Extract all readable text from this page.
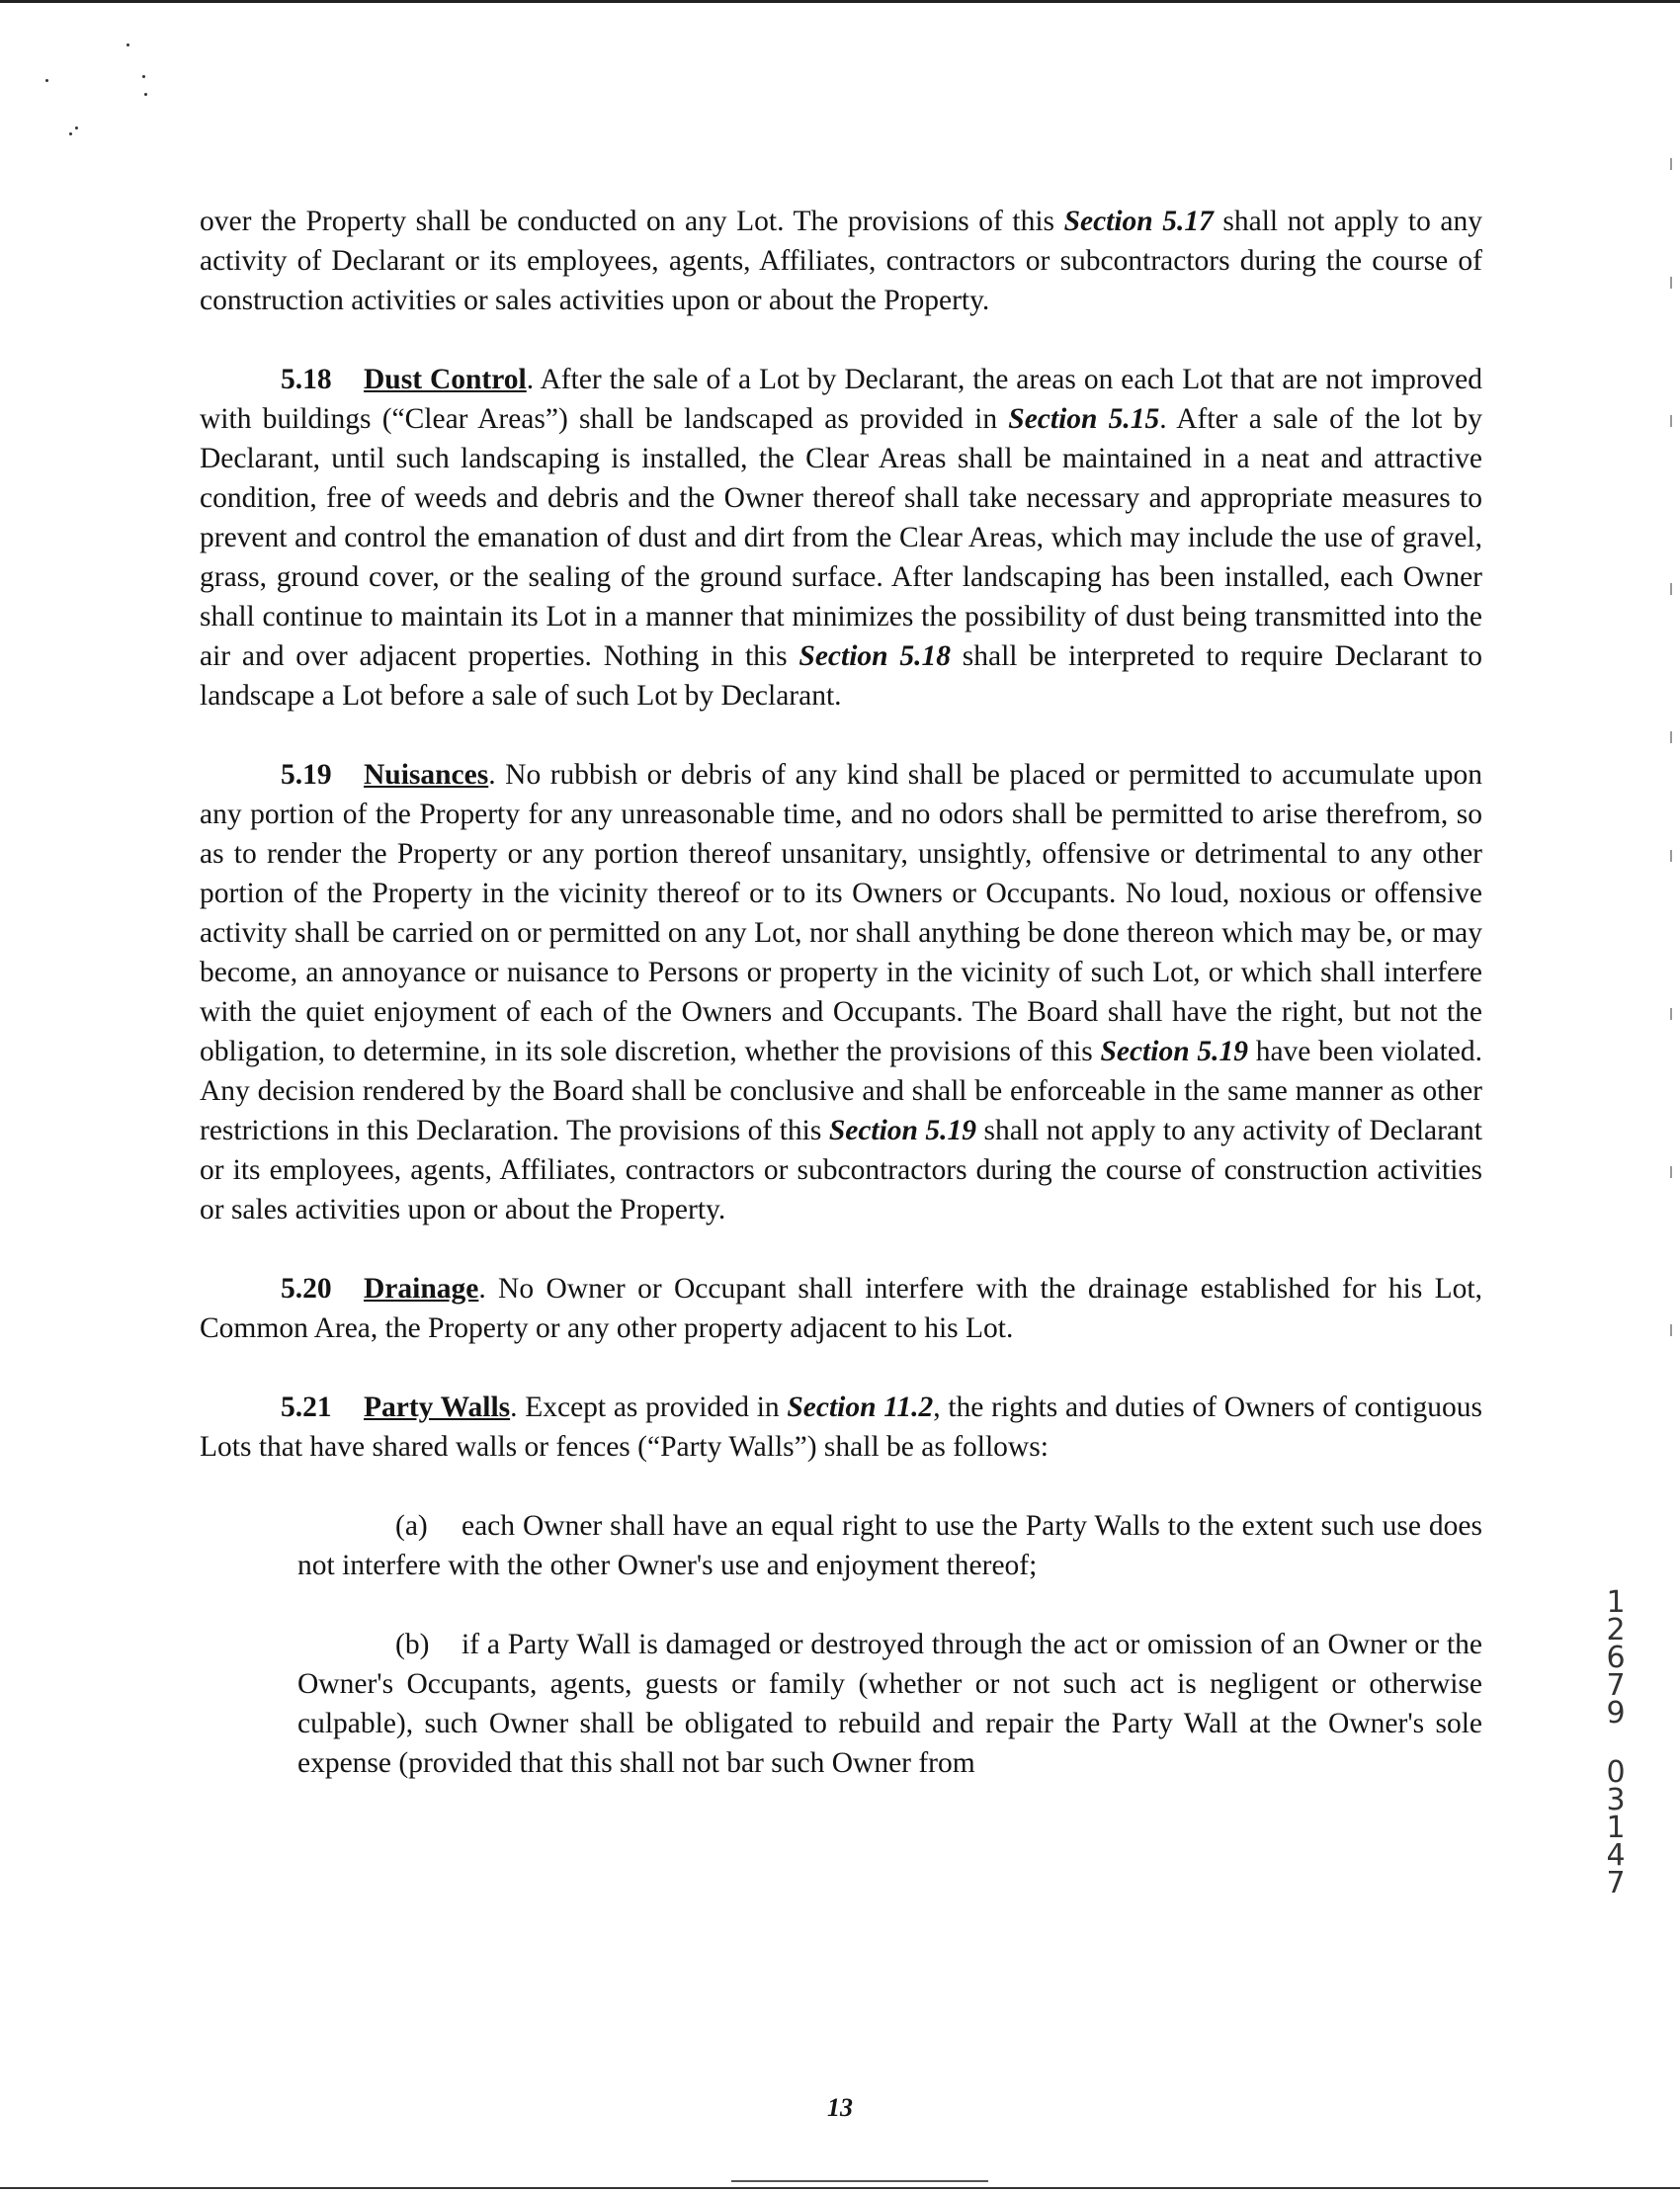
over the Property shall be conducted on any Lot. The provisions of this Section 5.17 shall not apply to any activity of Declarant or its employees, agents, Affiliates, contractors or subcontractors during the course of construction activities or sales activities upon or about the Property.

5.18 Dust Control. After the sale of a Lot by Declarant, the areas on each Lot that are not improved with buildings (“Clear Areas”) shall be landscaped as provided in Section 5.15. After a sale of the lot by Declarant, until such landscaping is installed, the Clear Areas shall be maintained in a neat and attractive condition, free of weeds and debris and the Owner thereof shall take necessary and appropriate measures to prevent and control the emanation of dust and dirt from the Clear Areas, which may include the use of gravel, grass, ground cover, or the sealing of the ground surface. After landscaping has been installed, each Owner shall continue to maintain its Lot in a manner that minimizes the possibility of dust being transmitted into the air and over adjacent properties. Nothing in this Section 5.18 shall be interpreted to require Declarant to landscape a Lot before a sale of such Lot by Declarant.

5.19 Nuisances. No rubbish or debris of any kind shall be placed or permitted to accumulate upon any portion of the Property for any unreasonable time, and no odors shall be permitted to arise therefrom, so as to render the Property or any portion thereof unsanitary, unsightly, offensive or detrimental to any other portion of the Property in the vicinity thereof or to its Owners or Occupants. No loud, noxious or offensive activity shall be carried on or permitted on any Lot, nor shall anything be done thereon which may be, or may become, an annoyance or nuisance to Persons or property in the vicinity of such Lot, or which shall interfere with the quiet enjoyment of each of the Owners and Occupants. The Board shall have the right, but not the obligation, to determine, in its sole discretion, whether the provisions of this Section 5.19 have been violated. Any decision rendered by the Board shall be conclusive and shall be enforceable in the same manner as other restrictions in this Declaration. The provisions of this Section 5.19 shall not apply to any activity of Declarant or its employees, agents, Affiliates, contractors or subcontractors during the course of construction activities or sales activities upon or about the Property.

5.20 Drainage. No Owner or Occupant shall interfere with the drainage established for his Lot, Common Area, the Property or any other property adjacent to his Lot.

5.21 Party Walls. Except as provided in Section 11.2, the rights and duties of Owners of contiguous Lots that have shared walls or fences (“Party Walls”) shall be as follows:

(a) each Owner shall have an equal right to use the Party Walls to the extent such use does not interfere with the other Owner's use and enjoyment thereof;

(b) if a Party Wall is damaged or destroyed through the act or omission of an Owner or the Owner's Occupants, agents, guests or family (whether or not such act is negligent or otherwise culpable), such Owner shall be obligated to rebuild and repair the Party Wall at the Owner's sole expense (provided that this shall not bar such Owner from

1
2
6
7
9
0
3
1
4
7
13
